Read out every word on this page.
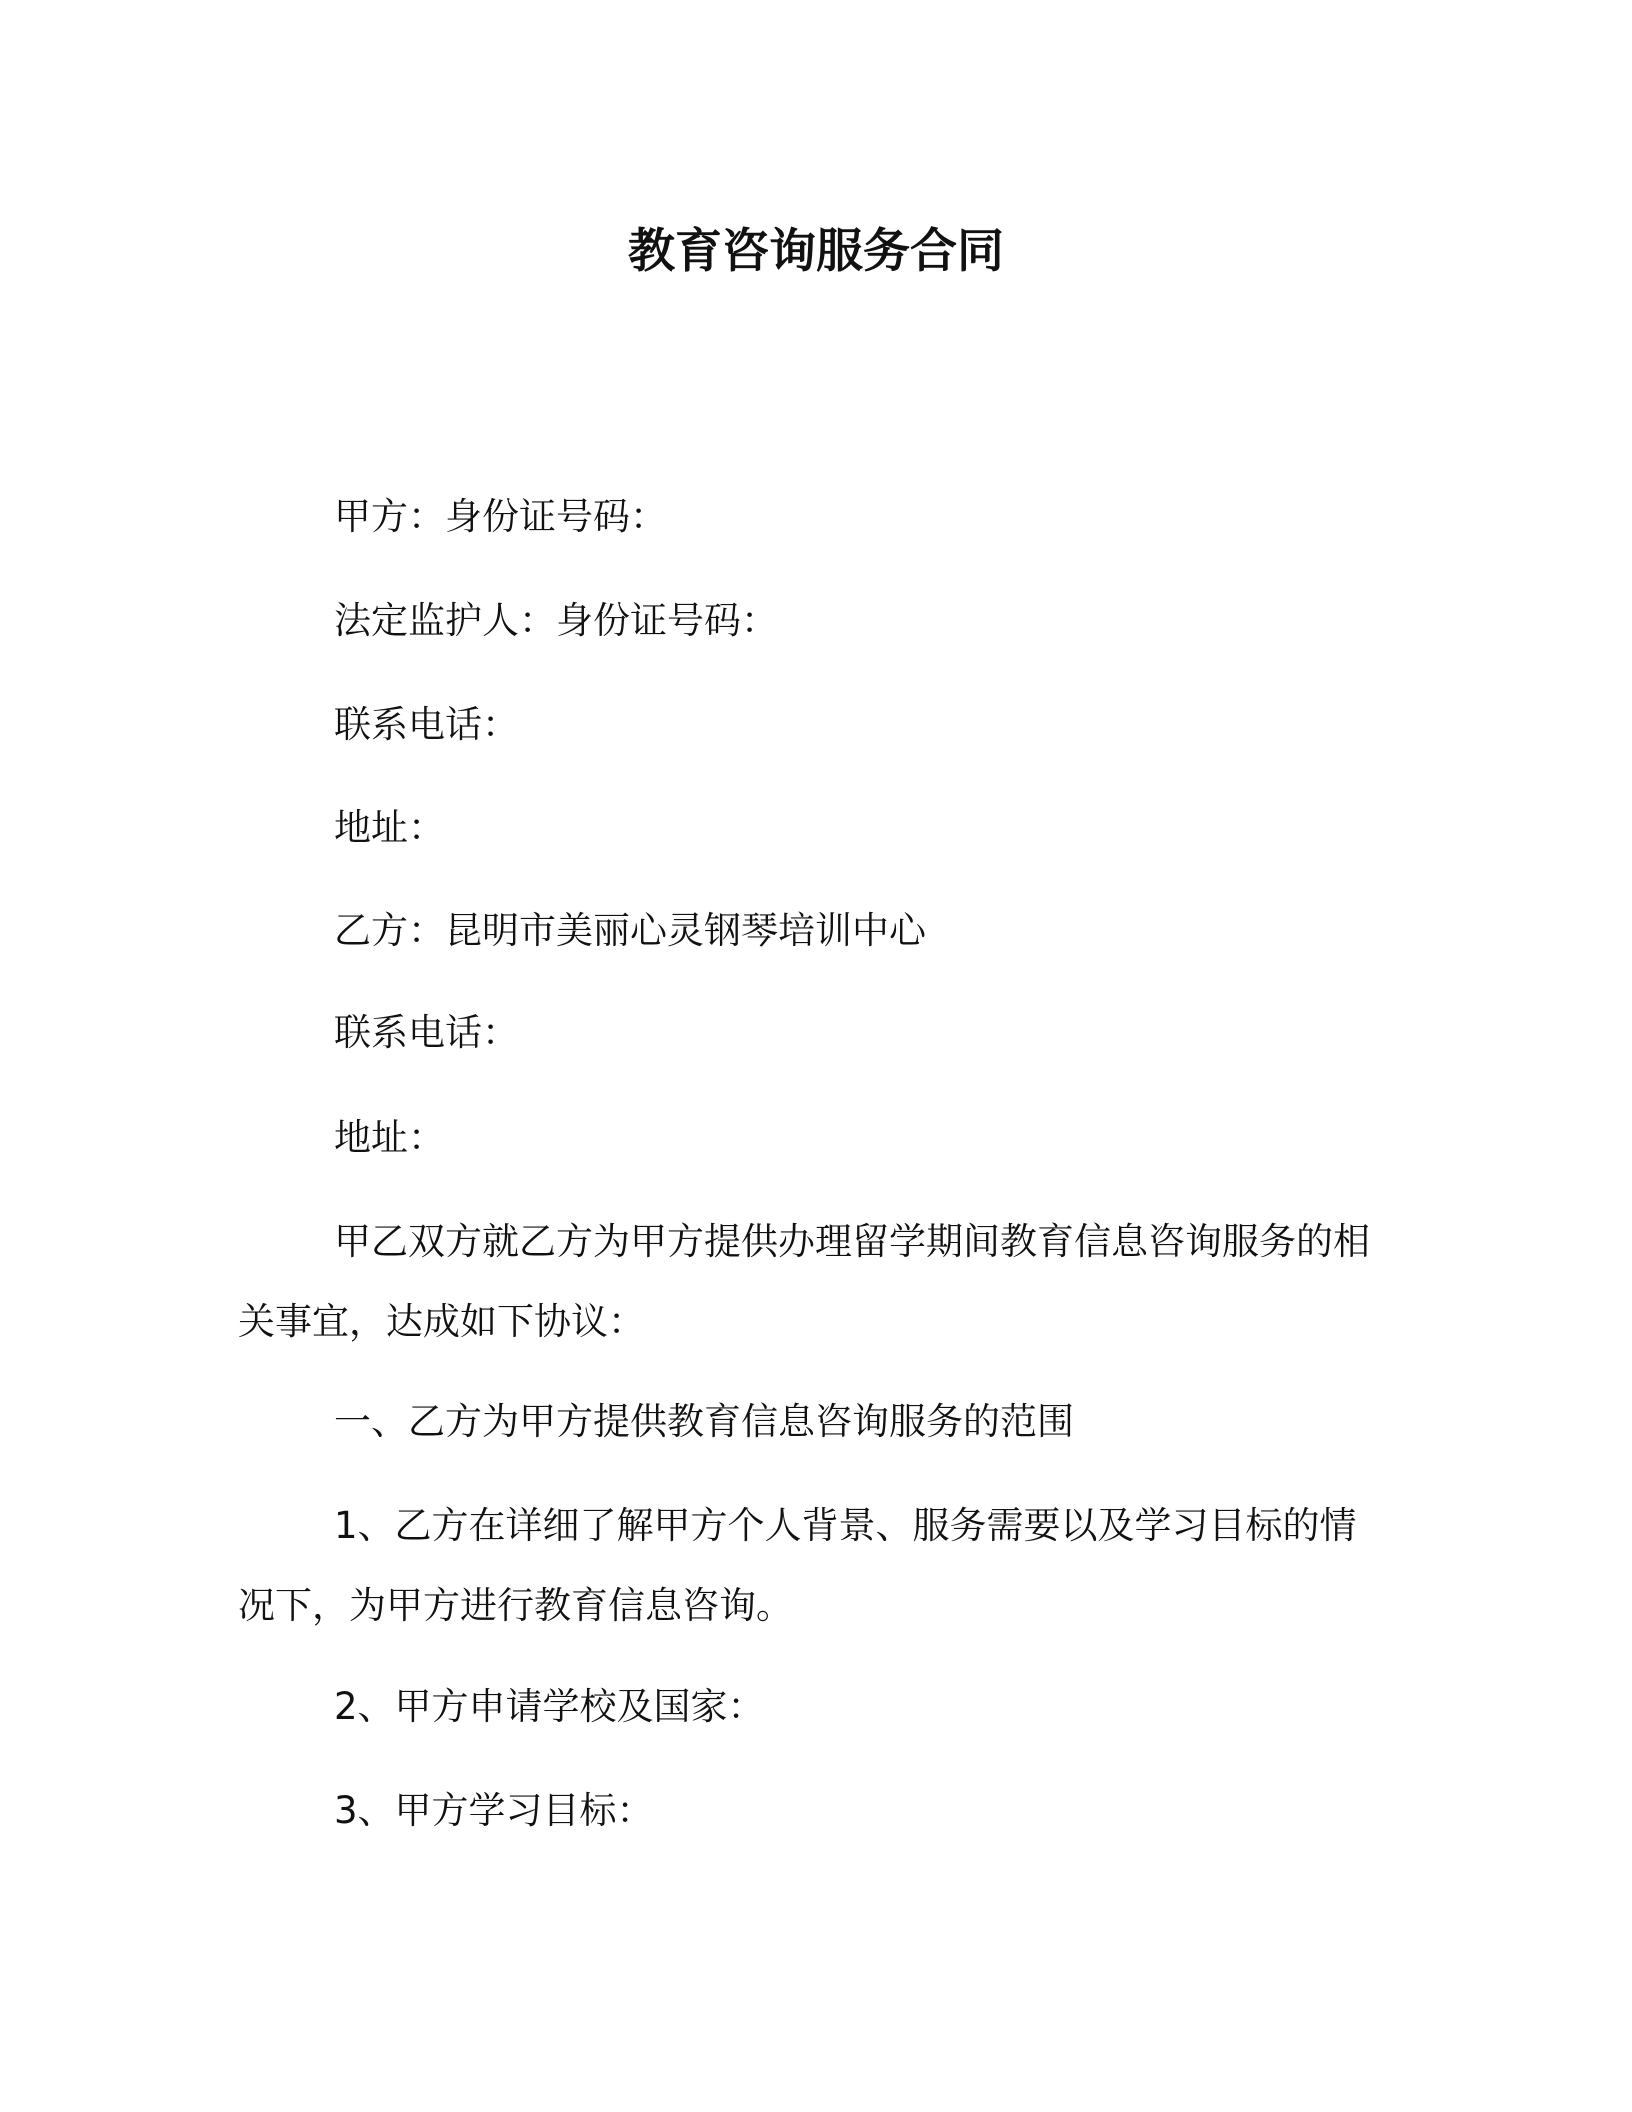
教育咨询服务合同
甲方：身份证号码：
法定监护人：身份证号码：
联系电话：
地址：
乙方：昆明市美丽心灵钢琴培训中心
联系电话：
地址：
甲乙双方就乙方为甲方提供办理留学期间教育信息咨询服务的相
关事宜，达成如下协议：
一、乙方为甲方提供教育信息咨询服务的范围
1、乙方在详细了解甲方个人背景、服务需要以及学习目标的情
况下，为甲方进行教育信息咨询。
2、甲方申请学校及国家：
3、甲方学习目标：
